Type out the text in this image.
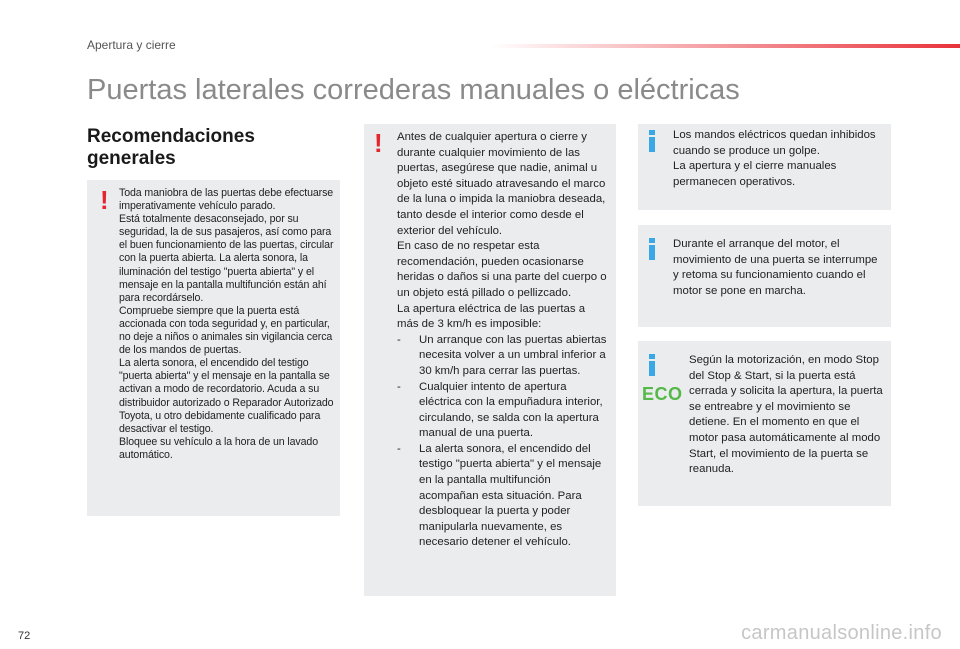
Apertura y cierre
Puertas laterales correderas manuales o eléctricas
Recomendaciones generales
! Toda maniobra de las puertas debe efectuarse imperativamente vehículo parado.
Está totalmente desaconsejado, por su seguridad, la de sus pasajeros, así como para el buen funcionamiento de las puertas, circular con la puerta abierta. La alerta sonora, la iluminación del testigo "puerta abierta" y el mensaje en la pantalla multifunción están ahí para recordárselo.
Compruebe siempre que la puerta está accionada con toda seguridad y, en particular, no deje a niños o animales sin vigilancia cerca de los mandos de puertas.
La alerta sonora, el encendido del testigo "puerta abierta" y el mensaje en la pantalla se activan a modo de recordatorio. Acuda a su distribuidor autorizado o Reparador Autorizado Toyota, u otro debidamente cualificado para desactivar el testigo.
Bloquee su vehículo a la hora de un lavado automático.
! Antes de cualquier apertura o cierre y durante cualquier movimiento de las puertas, asegúrese que nadie, animal u objeto esté situado atravesando el marco de la luna o impida la maniobra deseada, tanto desde el interior como desde el exterior del vehículo.
En caso de no respetar esta recomendación, pueden ocasionarse heridas o daños si una parte del cuerpo o un objeto está pillado o pellizcado.
La apertura eléctrica de las puertas a más de 3 km/h es imposible:

- Un arranque con las puertas abiertas necesita volver a un umbral inferior a 30 km/h para cerrar las puertas.
- Cualquier intento de apertura eléctrica con la empuñadura interior, circulando, se salda con la apertura manual de una puerta.
- La alerta sonora, el encendido del testigo "puerta abierta" y el mensaje en la pantalla multifunción acompañan esta situación. Para desbloquear la puerta y poder manipularla nuevamente, es necesario detener el vehículo.
Los mandos eléctricos quedan inhibidos cuando se produce un golpe.
La apertura y el cierre manuales permanecen operativos.
Durante el arranque del motor, el movimiento de una puerta se interrumpe y retoma su funcionamiento cuando el motor se pone en marcha.
ECO
Según la motorización, en modo Stop del Stop & Start, si la puerta está cerrada y solicita la apertura, la puerta se entreabre y el movimiento se detiene. En el momento en que el motor pasa automáticamente al modo Start, el movimiento de la puerta se reanuda.
72	carmanualsonline.info
